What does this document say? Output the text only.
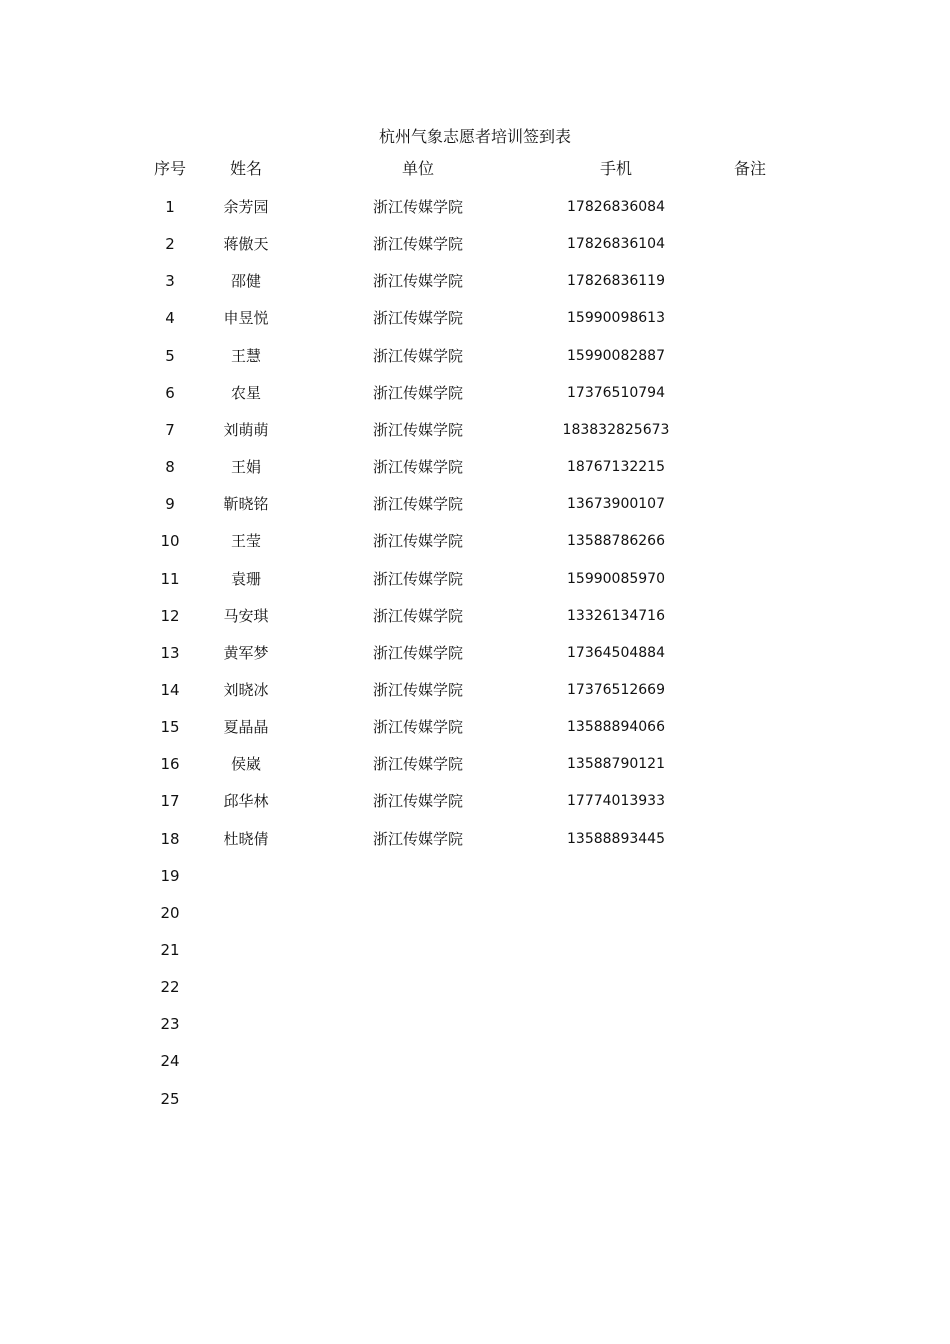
杭州气象志愿者培训签到表
序号	姓名	单位	手机	备注
1	余芳园	浙江传媒学院	17826836084
2	蒋傲天	浙江传媒学院	17826836104
3	邵健	浙江传媒学院	17826836119
4	申昱悦	浙江传媒学院	15990098613
5	王慧	浙江传媒学院	15990082887
6	农星	浙江传媒学院	17376510794
7	刘萌萌	浙江传媒学院	183832825673
8	王娟	浙江传媒学院	18767132215
9	靳晓铭	浙江传媒学院	13673900107
10	王莹	浙江传媒学院	13588786266
11	袁珊	浙江传媒学院	15990085970
12	马安琪	浙江传媒学院	13326134716
13	黄军梦	浙江传媒学院	17364504884
14	刘晓冰	浙江传媒学院	17376512669
15	夏晶晶	浙江传媒学院	13588894066
16	侯崴	浙江传媒学院	13588790121
17	邱华林	浙江传媒学院	17774013933
18	杜晓倩	浙江传媒学院	13588893445
19
20
21
22
23
24
25
